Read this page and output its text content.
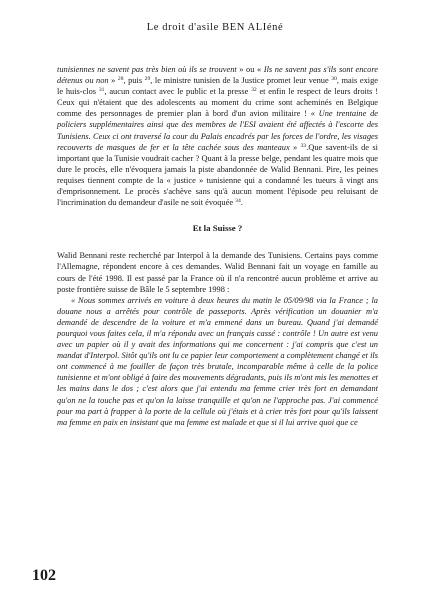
Le droit d'asile BEN ALIéné

tunisiennes ne savent pas très bien où ils se trouvent » ou « Ils ne savent pas s'ils sont encore détenus ou non » $^{28}$, puis $^{29}$, le ministre tunisien de la Justice promet leur venue $^{30}$, mais exige le huis-clos $^{31}$, aucun contact avec le public et la presse $^{32}$ et enfin le respect de leurs droits ! Ceux qui n'étaient que des adolescents au moment du crime sont acheminés en Belgique comme des personnages de premier plan à bord d'un avion militaire ! « Une trentaine de policiers supplémentaires ainsi que des membres de l'ESI avaient été affectés à l'escorte des Tunisiens. Ceux ci ont traversé la cour du Palais encadrés par les forces de l'ordre, les visages recouverts de masques de fer et la tête cachée sous des manteaux » $^{33}$.Que savent-ils de si important que la Tunisie voudrait cacher ? Quant à la presse belge, pendant les quatre mois que dure le procès, elle n'évoquera jamais la piste abandonnée de Walid Bennani. Pire, les peines requises tiennent compte de la « justice » tunisienne qui a condamné les tueurs à vingt ans d'emprisonnement. Le procès s'achève sans qu'à aucun moment l'épisode peu reluisant de l'incrimination du demandeur d'asile ne soit évoquée $^{34}$.

Et la Suisse ?

Walid Bennani reste recherché par Interpol à la demande des Tunisiens. Certains pays comme l'Allemagne, répondent encore à ces demandes. Walid Bennani fait un voyage en famille au cours de l'été 1998. Il est passé par la France où il n'a rencontré aucun problème et arrive au poste frontière suisse de Bâle le 5 septembre 1998 :

« Nous sommes arrivés en voiture à deux heures du matin le 05/09/98 via la France ; la douane nous a arrêtés pour contrôle de passeports. Après vérification un douanier m'a demandé de descendre de la voiture et m'a emmené dans un bureau. Quand j'ai demandé pourquoi vous faites cela, il m'a répondu avec un français cassé : contrôle ! Un autre est venu avec un papier où il y avait des informations qui me concernent : j'ai compris que c'est un mandat d'Interpol. Sitôt qu'ils ont lu ce papier leur comportement a complètement changé et ils ont commencé à me fouiller de façon très brutale, incomparable même à celle de la police tunisienne et m'ont obligé à faire des mouvements dégradants, puis ils m'ont mis les menottes et les mains dans le dos ; c'est alors que j'ai entendu ma femme crier très fort en demandant qu'on ne la touche pas et qu'on la laisse tranquille et qu'on ne l'approche pas. J'ai commencé pour ma part à frapper à la porte de la cellule où j'étais et à crier très fort pour qu'ils laissent ma femme en paix en insistant que ma femme est malade et que si il lui arrive quoi que ce

102
